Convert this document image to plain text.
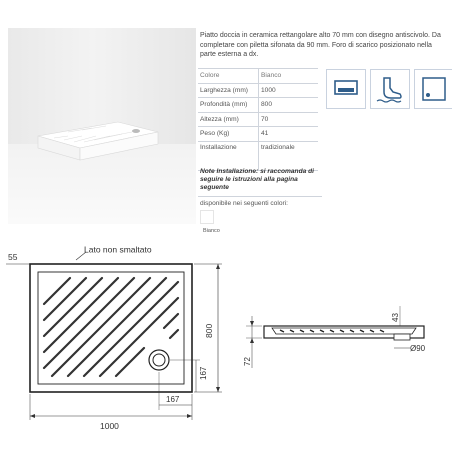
Piatto doccia in ceramica rettangolare alto 70 mm con disegno antiscivolo. Da completare con piletta sifonata da 90 mm. Foro di scarico posizionato nella parte esterna a dx.
Colore	Bianco
Larghezza (mm)	1000
Profondità (mm)	800
Altezza (mm)	70
Peso (Kg)	41
Installazione	tradizionale
Note Installazione: si raccomanda di seguire le istruzioni alla pagina seguente
disponibile nei seguenti colori:
Bianco
Lato non smaltato
55
1000
167
167
800
72
43
Ø90
